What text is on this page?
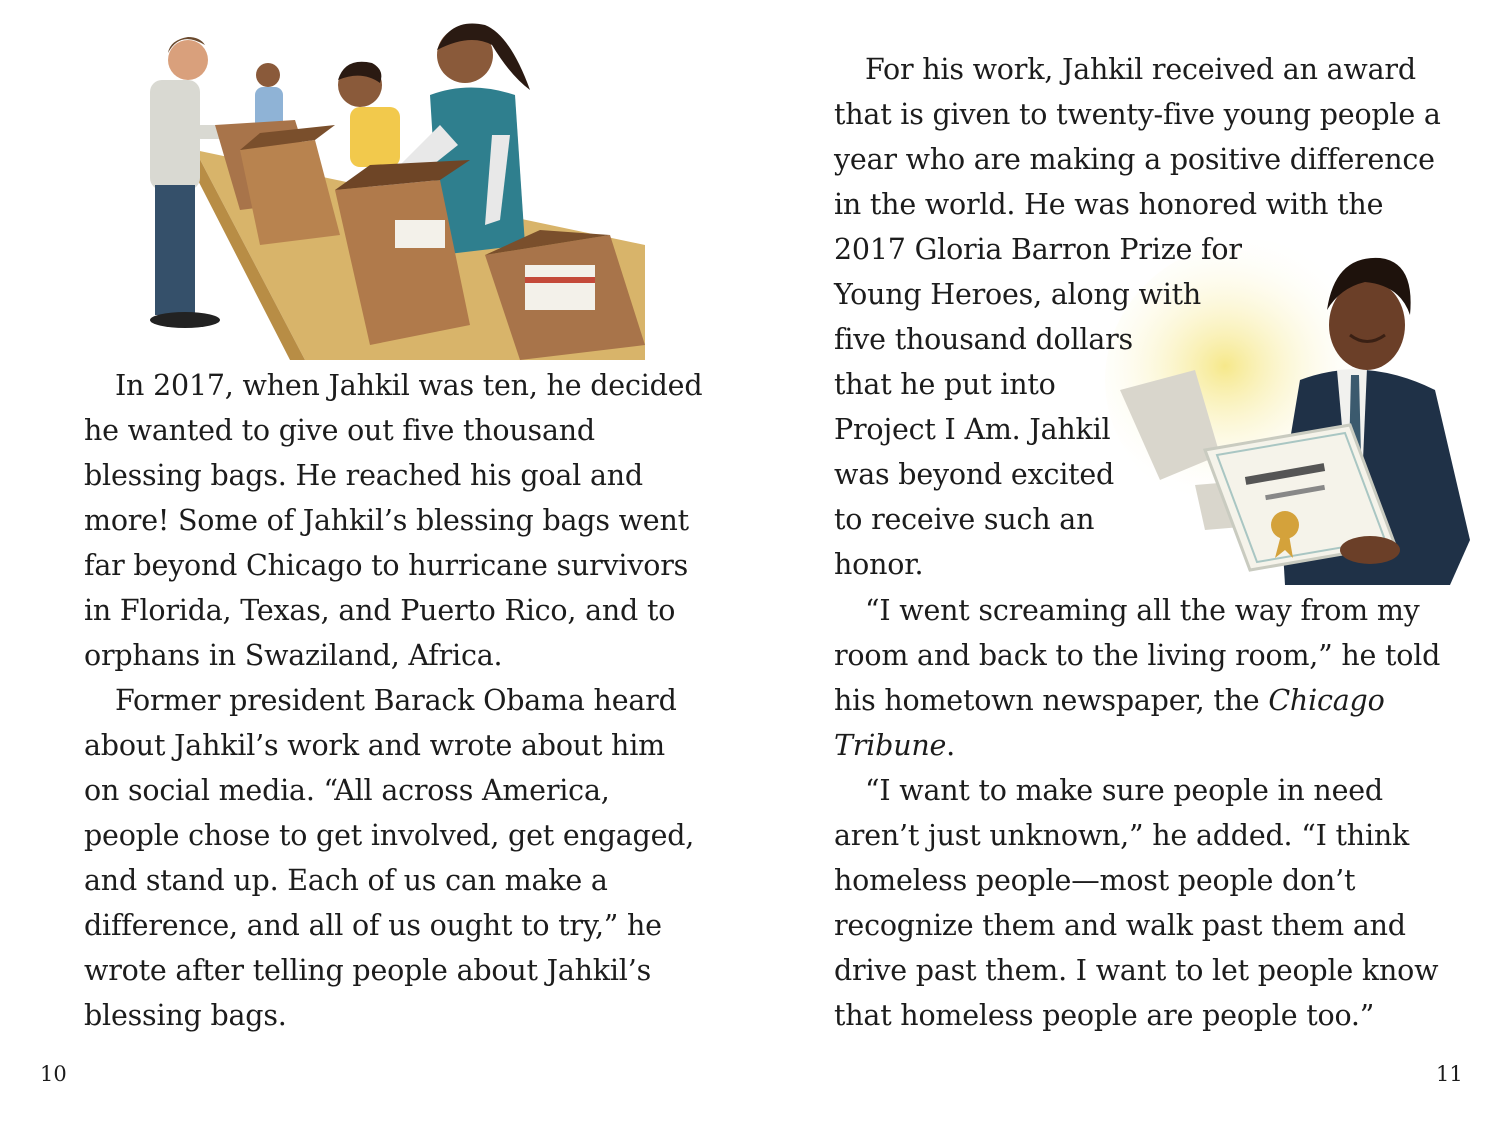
In 2017, when Jahkil was ten, he decided
he wanted to give out five thousand
blessing bags. He reached his goal and
more! Some of Jahkil’s blessing bags went
far beyond Chicago to hurricane survivors
in Florida, Texas, and Puerto Rico, and to
orphans in Swaziland, Africa.
Former president Barack Obama heard
about Jahkil’s work and wrote about him
on social media. “All across America,
people chose to get involved, get engaged,
and stand up. Each of us can make a
difference, and all of us ought to try,” he
wrote after telling people about Jahkil’s
blessing bags.
10
For his work, Jahkil received an award
that is given to twenty-five young people a
year who are making a positive difference
in the world. He was honored with the
2017 Gloria Barron Prize for
Young Heroes, along with
five thousand dollars
that he put into
Project I Am. Jahkil
was beyond excited
to receive such an
honor.
“I went screaming all the way from my
room and back to the living room,” he told
his hometown newspaper, the Chicago
Tribune.
“I want to make sure people in need
aren’t just unknown,” he added. “I think
homeless people—most people don’t
recognize them and walk past them and
drive past them. I want to let people know
that homeless people are people too.”
11
